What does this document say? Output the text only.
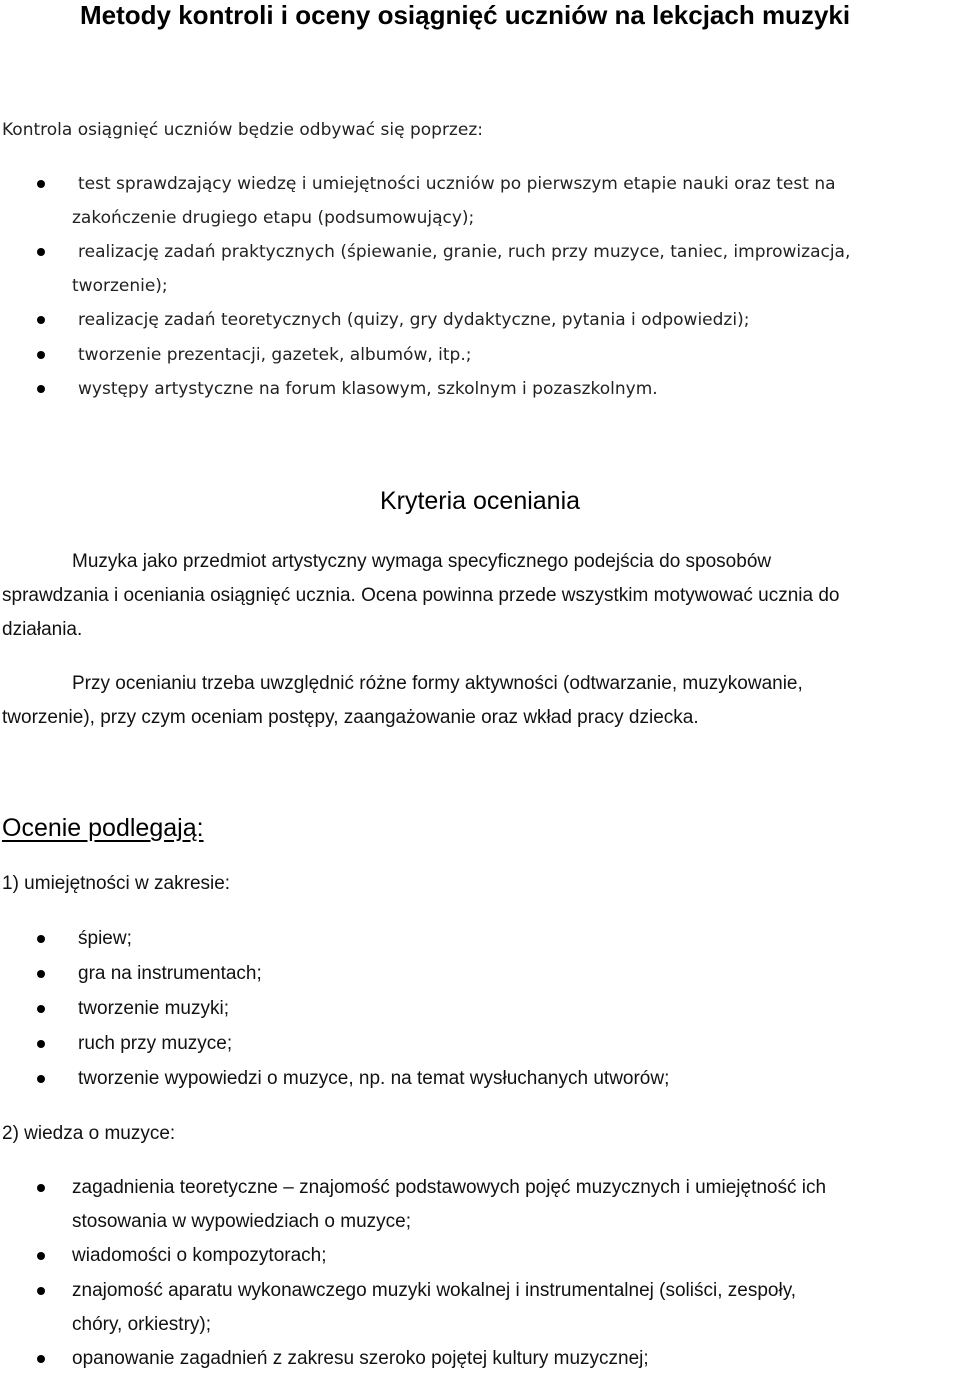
Metody kontroli i oceny osiągnięć uczniów na lekcjach muzyki
Kontrola osiągnięć uczniów będzie odbywać się poprzez:
test sprawdzający wiedzę i umiejętności uczniów po pierwszym etapie nauki oraz test na
zakończenie drugiego etapu (podsumowujący);
realizację zadań praktycznych (śpiewanie, granie, ruch przy muzyce, taniec, improwizacja,
tworzenie);
realizację zadań teoretycznych (quizy, gry dydaktyczne, pytania i odpowiedzi);
tworzenie prezentacji, gazetek, albumów, itp.;
występy artystyczne na forum klasowym, szkolnym i pozaszkolnym.
Kryteria oceniania
Muzyka jako przedmiot artystyczny wymaga specyficznego podejścia do sposobów
sprawdzania i oceniania osiągnięć ucznia. Ocena powinna przede wszystkim motywować ucznia do
działania.
Przy ocenianiu trzeba uwzględnić różne formy aktywności (odtwarzanie, muzykowanie,
tworzenie), przy czym oceniam postępy, zaangażowanie oraz wkład pracy dziecka.
Ocenie podlegają:
1) umiejętności w zakresie:
śpiew;
gra na instrumentach;
tworzenie muzyki;
ruch przy muzyce;
tworzenie wypowiedzi o muzyce, np. na temat wysłuchanych utworów;
2) wiedza o muzyce:
zagadnienia teoretyczne – znajomość podstawowych pojęć muzycznych i umiejętność ich
stosowania w wypowiedziach o muzyce;
wiadomości o kompozytorach;
znajomość aparatu wykonawczego muzyki wokalnej i instrumentalnej (soliści, zespoły,
chóry, orkiestry);
opanowanie zagadnień z zakresu szeroko pojętej kultury muzycznej;
